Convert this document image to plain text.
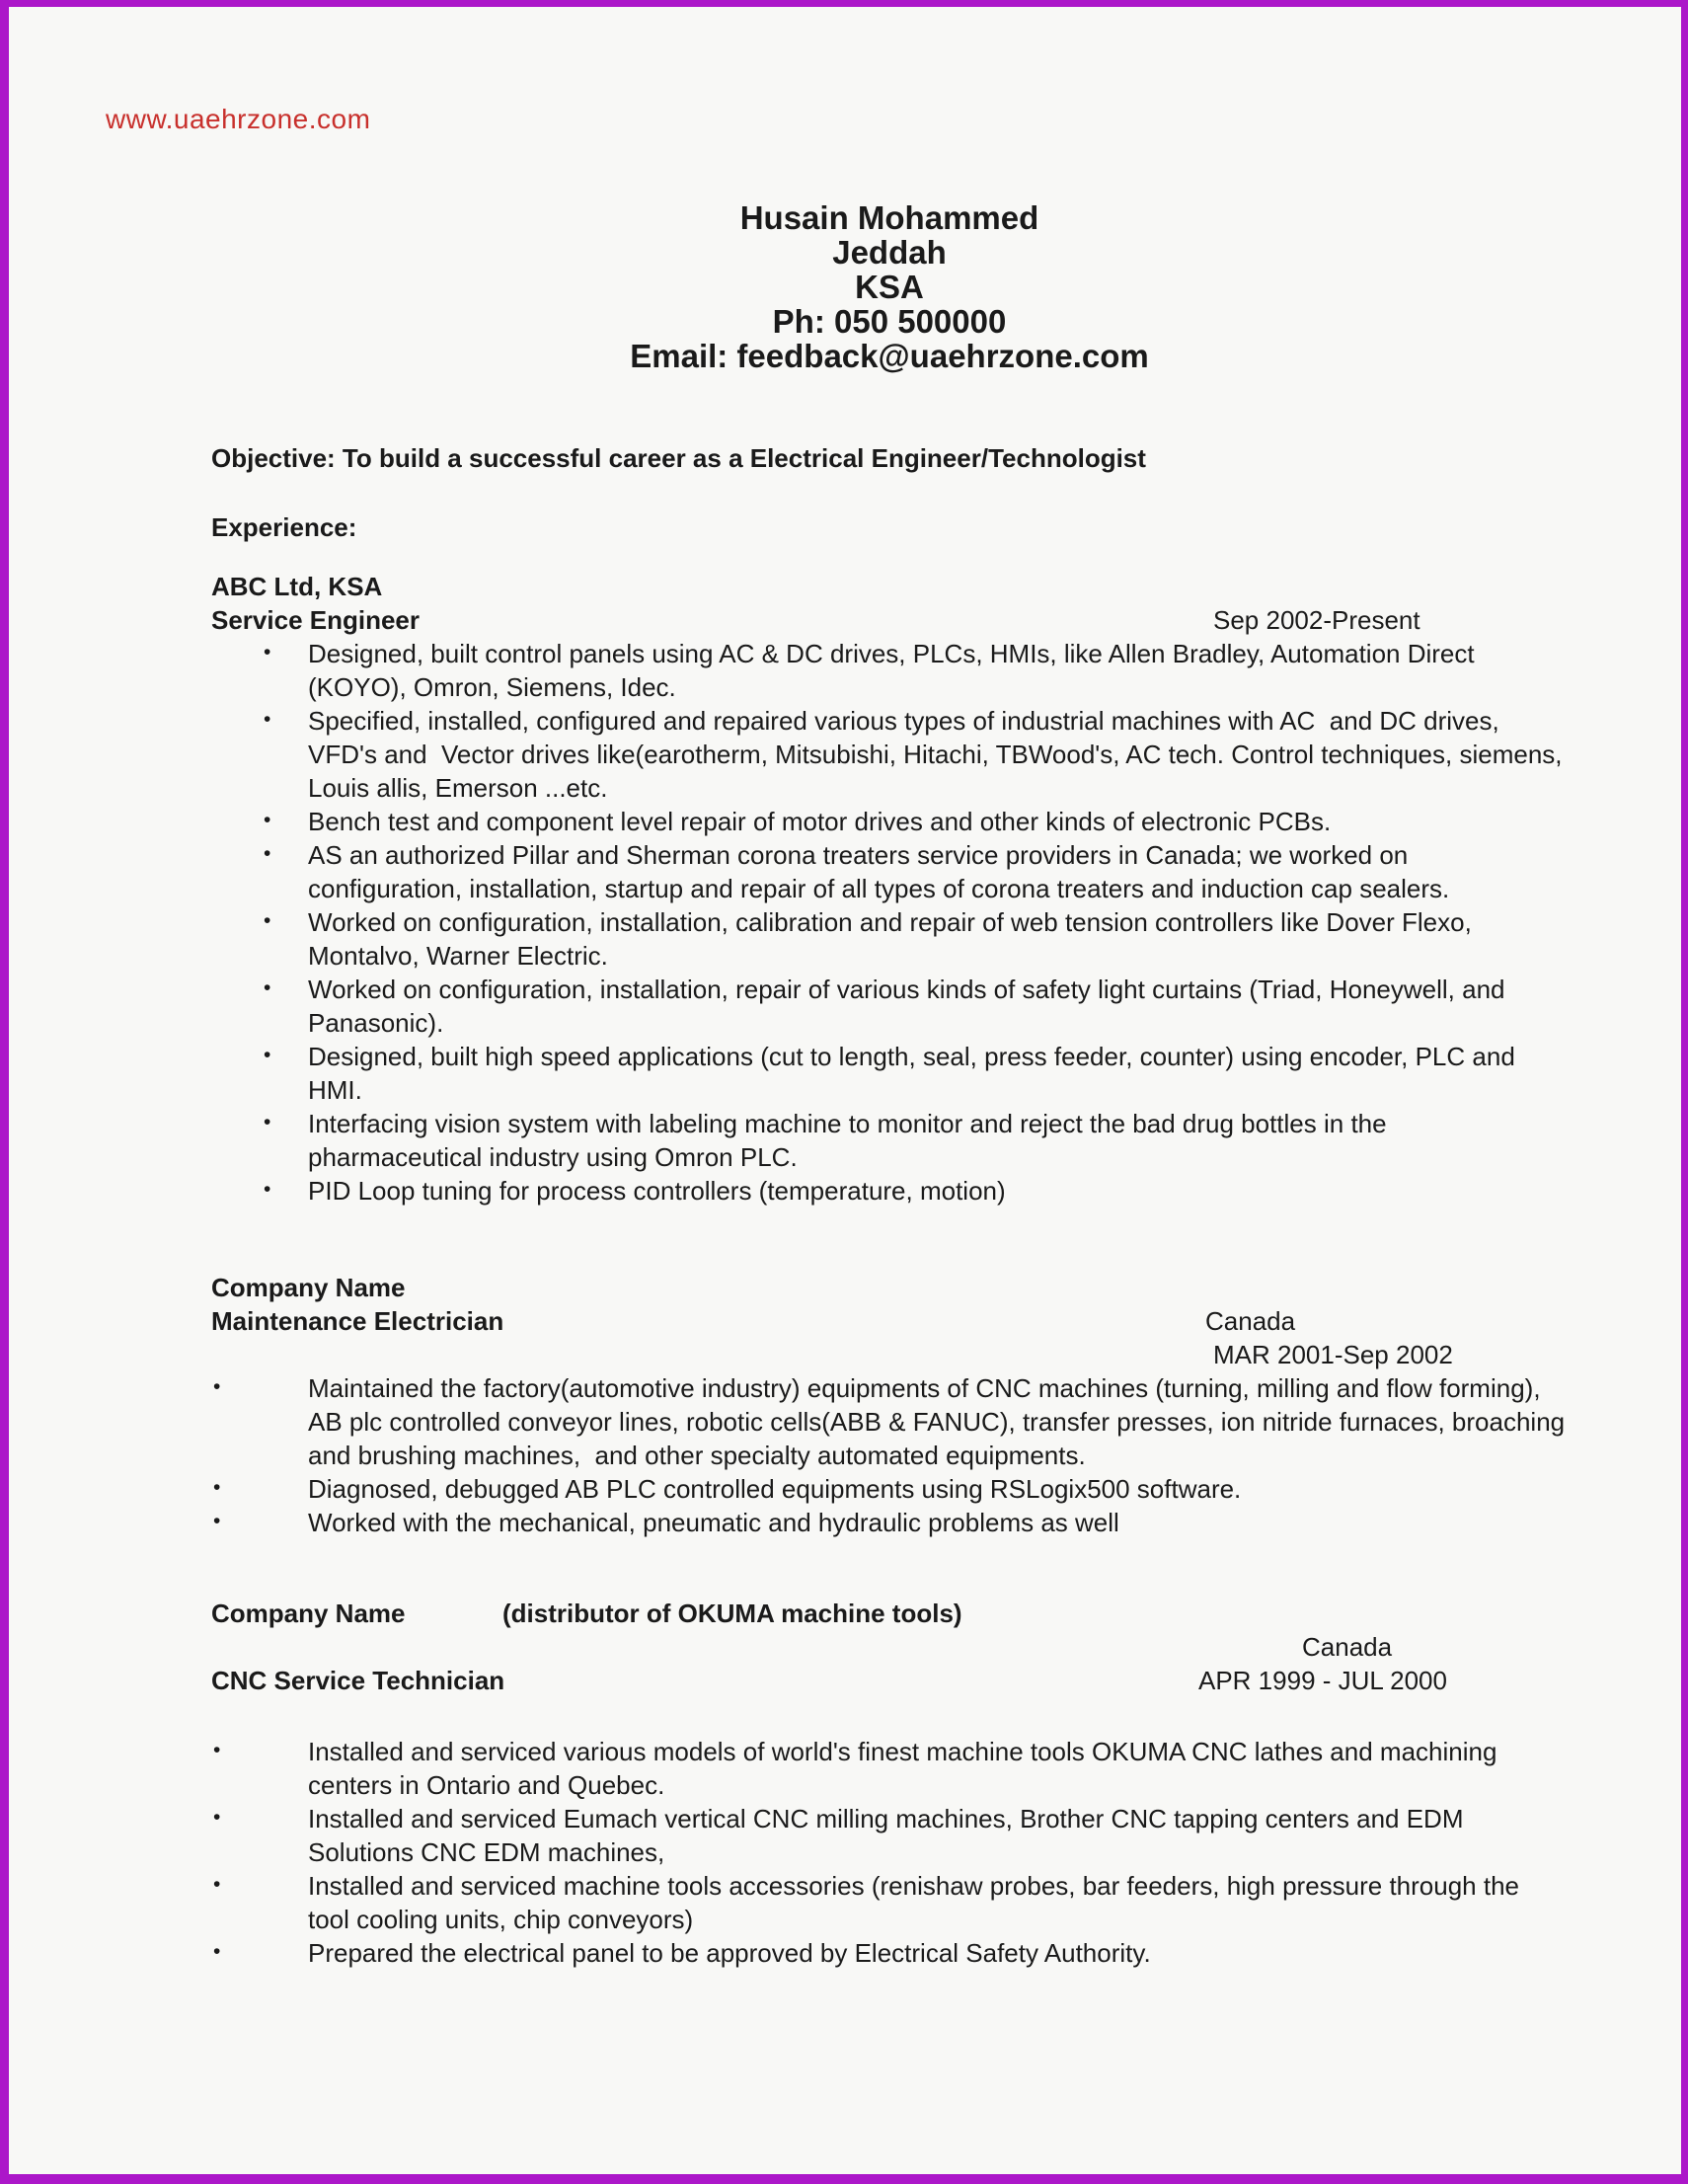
www.uaehrzone.com
Husain Mohammed
Jeddah
KSA
Ph: 050 500000
Email: feedback@uaehrzone.com
Objective: To build a successful career as a Electrical Engineer/Technologist
Experience:
ABC Ltd, KSA
Service Engineer	Sep 2002-Present
• Designed, built control panels using AC & DC drives, PLCs, HMIs, like Allen Bradley, Automation Direct (KOYO), Omron, Siemens, Idec.
• Specified, installed, configured and repaired various types of industrial machines with AC  and DC drives, VFD's and  Vector drives like(earotherm, Mitsubishi, Hitachi, TBWood's, AC tech. Control techniques, siemens, Louis allis, Emerson ...etc.
• Bench test and component level repair of motor drives and other kinds of electronic PCBs.
• AS an authorized Pillar and Sherman corona treaters service providers in Canada; we worked on configuration, installation, startup and repair of all types of corona treaters and induction cap sealers.
• Worked on configuration, installation, calibration and repair of web tension controllers like Dover Flexo, Montalvo, Warner Electric.
• Worked on configuration, installation, repair of various kinds of safety light curtains (Triad, Honeywell, and Panasonic).
• Designed, built high speed applications (cut to length, seal, press feeder, counter) using encoder, PLC and HMI.
• Interfacing vision system with labeling machine to monitor and reject the bad drug bottles in the pharmaceutical industry using Omron PLC.
• PID Loop tuning for process controllers (temperature, motion)
Company Name
Maintenance Electrician	Canada
MAR 2001-Sep 2002
•	Maintained the factory(automotive industry) equipments of CNC machines (turning, milling and flow forming), AB plc controlled conveyor lines, robotic cells(ABB & FANUC), transfer presses, ion nitride furnaces, broaching and brushing machines,  and other specialty automated equipments.
•	Diagnosed, debugged AB PLC controlled equipments using RSLogix500 software.
•	Worked with the mechanical, pneumatic and hydraulic problems as well
Company Name	(distributor of OKUMA machine tools)
Canada
CNC Service Technician	APR 1999 - JUL 2000
•	Installed and serviced various models of world's finest machine tools OKUMA CNC lathes and machining centers in Ontario and Quebec.
•	Installed and serviced Eumach vertical CNC milling machines, Brother CNC tapping centers and EDM Solutions CNC EDM machines,
•	Installed and serviced machine tools accessories (renishaw probes, bar feeders, high pressure through the tool cooling units, chip conveyors)
•	Prepared the electrical panel to be approved by Electrical Safety Authority.
